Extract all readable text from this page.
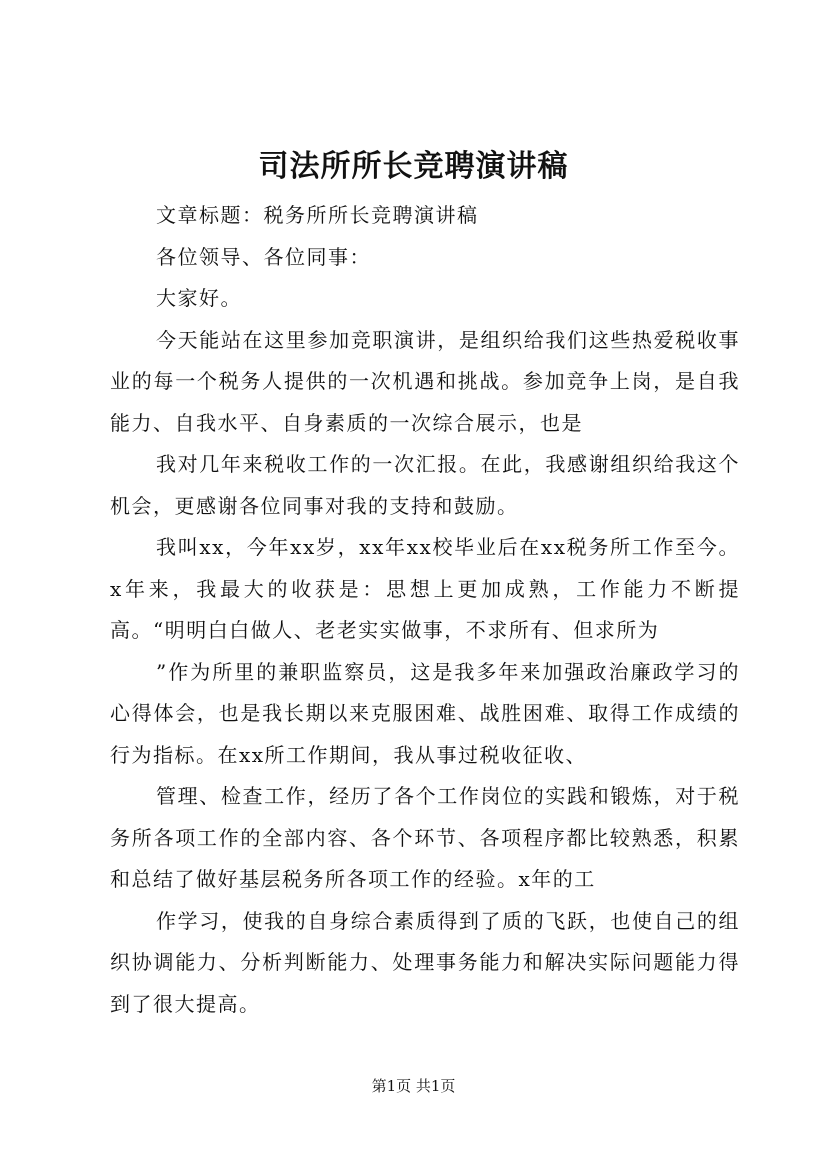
司法所所长竞聘演讲稿

文章标题：税务所所长竞聘演讲稿

各位领导、各位同事：

大家好。

今天能站在这里参加竞职演讲，是组织给我们这些热爱税收事业的每一个税务人提供的一次机遇和挑战。参加竞争上岗，是自我能力、自我水平、自身素质的一次综合展示，也是

我对几年来税收工作的一次汇报。在此，我感谢组织给我这个机会，更感谢各位同事对我的支持和鼓励。

我叫xx，今年xx岁，xx年xx校毕业后在xx税务所工作至今。x年来，我最大的收获是：思想上更加成熟，工作能力不断提高。“明明白白做人、老老实实做事，不求所有、但求所为

”作为所里的兼职监察员，这是我多年来加强政治廉政学习的心得体会，也是我长期以来克服困难、战胜困难、取得工作成绩的行为指标。在xx所工作期间，我从事过税收征收、

管理、检查工作，经历了各个工作岗位的实践和锻炼，对于税务所各项工作的全部内容、各个环节、各项程序都比较熟悉，积累和总结了做好基层税务所各项工作的经验。x年的工

作学习，使我的自身综合素质得到了质的飞跃，也使自己的组织协调能力、分析判断能力、处理事务能力和解决实际问题能力得到了很大提高。

第1页 共1页
